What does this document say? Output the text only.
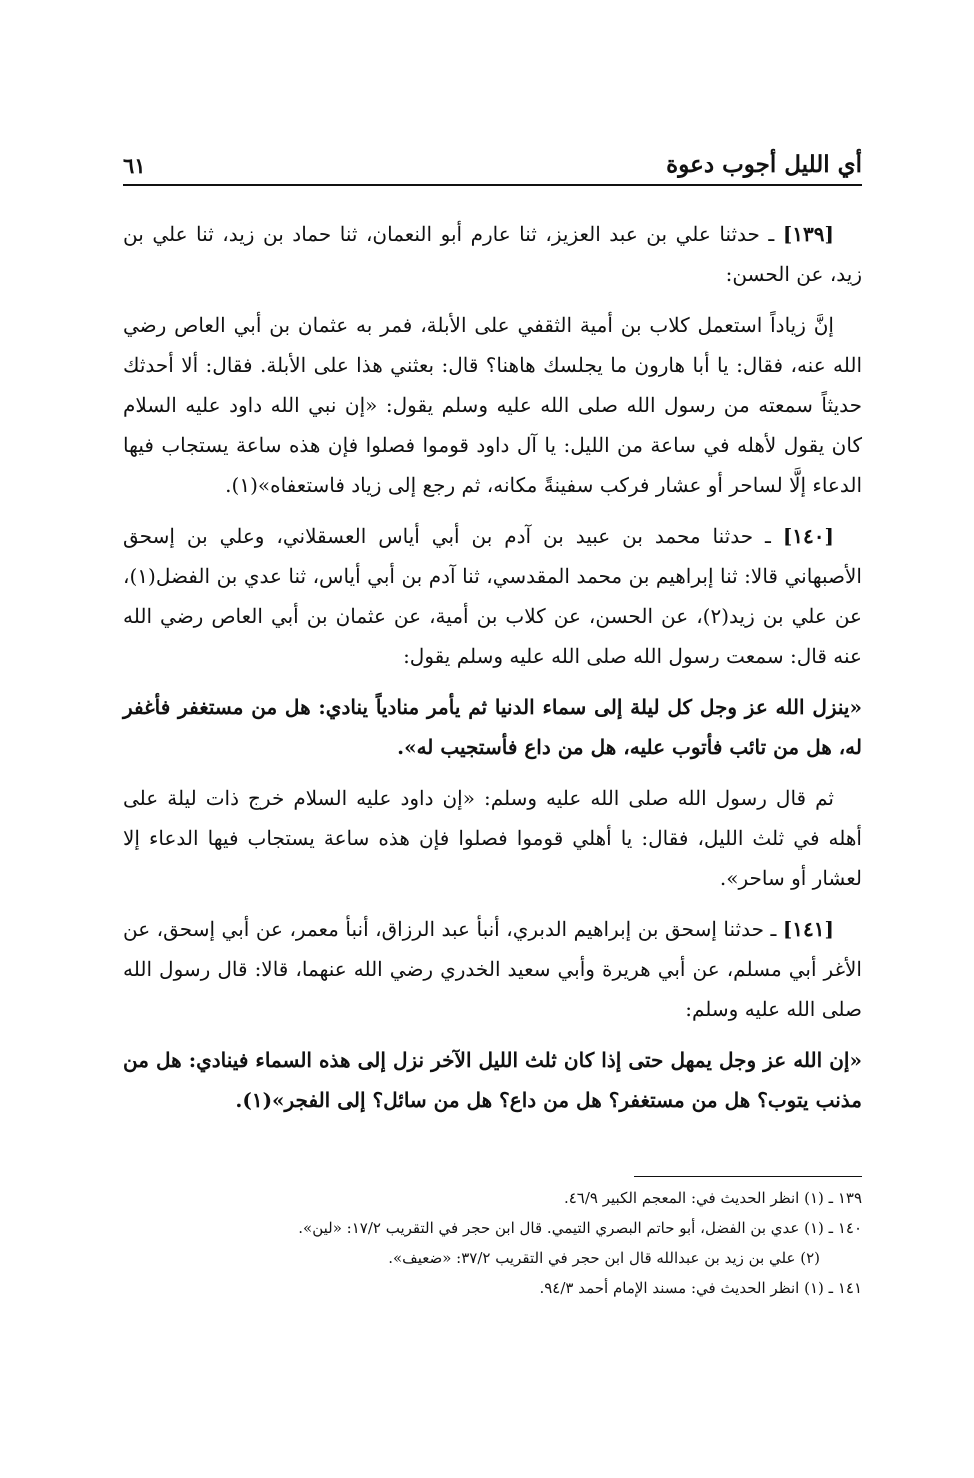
أي الليل أجوب دعوة
٦١

[١٣٩] ـ حدثنا علي بن عبد العزيز، ثنا عارم أبو النعمان، ثنا حماد بن زيد، ثنا علي بن زيد، عن الحسن:

إنَّ زياداً استعمل كلاب بن أمية الثقفي على الأبلة، فمر به عثمان بن أبي العاص رضي الله عنه، فقال: يا أبا هارون ما يجلسك هاهنا؟ قال: بعثني هذا على الأبلة. فقال: ألا أحدثك حديثاً سمعته من رسول الله صلى الله عليه وسلم يقول: «إن نبي الله داود عليه السلام كان يقول لأهله في ساعة من الليل: يا آل داود قوموا فصلوا فإن هذه ساعة يستجاب فيها الدعاء إلَّا لساحر أو عشار فركب سفينةً مكانه، ثم رجع إلى زياد فاستعفاه»(١).

[١٤٠] ـ حدثنا محمد بن عبيد بن آدم بن أبي أياس العسقلاني، وعلي بن إسحق الأصبهاني قالا: ثنا إبراهيم بن محمد المقدسي، ثنا آدم بن أبي أياس، ثنا عدي بن الفضل(١)، عن علي بن زيد(٢)، عن الحسن، عن كلاب بن أمية، عن عثمان بن أبي العاص رضي الله عنه قال: سمعت رسول الله صلى الله عليه وسلم يقول:

«ينزل الله عز وجل كل ليلة إلى سماء الدنيا ثم يأمر منادياً ينادي: هل من مستغفر فأغفر له، هل من تائب فأتوب عليه، هل من داع فأستجيب له».

ثم قال رسول الله صلى الله عليه وسلم: «إن داود عليه السلام خرج ذات ليلة على أهله في ثلث الليل، فقال: يا أهلي قوموا فصلوا فإن هذه ساعة يستجاب فيها الدعاء إلا لعشار أو ساحر».

[١٤١] ـ حدثنا إسحق بن إبراهيم الدبري، أنبأ عبد الرزاق، أنبأ معمر، عن أبي إسحق، عن الأغر أبي مسلم، عن أبي هريرة وأبي سعيد الخدري رضي الله عنهما، قالا: قال رسول الله صلى الله عليه وسلم:

«إن الله عز وجل يمهل حتى إذا كان ثلث الليل الآخر نزل إلى هذه السماء فينادي: هل من مذنب يتوب؟ هل من مستغفر؟ هل من داع؟ هل من سائل؟ إلى الفجر»(١).

١٣٩ ـ (١) انظر الحديث في: المعجم الكبير ٤٦/٩.

١٤٠ ـ (١) عدي بن الفضل، أبو حاتم البصري التيمي. قال ابن حجر في التقريب ١٧/٢: «لين».

(٢) علي بن زيد بن عبدالله قال ابن حجر في التقريب ٣٧/٢: «ضعيف».

١٤١ ـ (١) انظر الحديث في: مسند الإمام أحمد ٩٤/٣.
